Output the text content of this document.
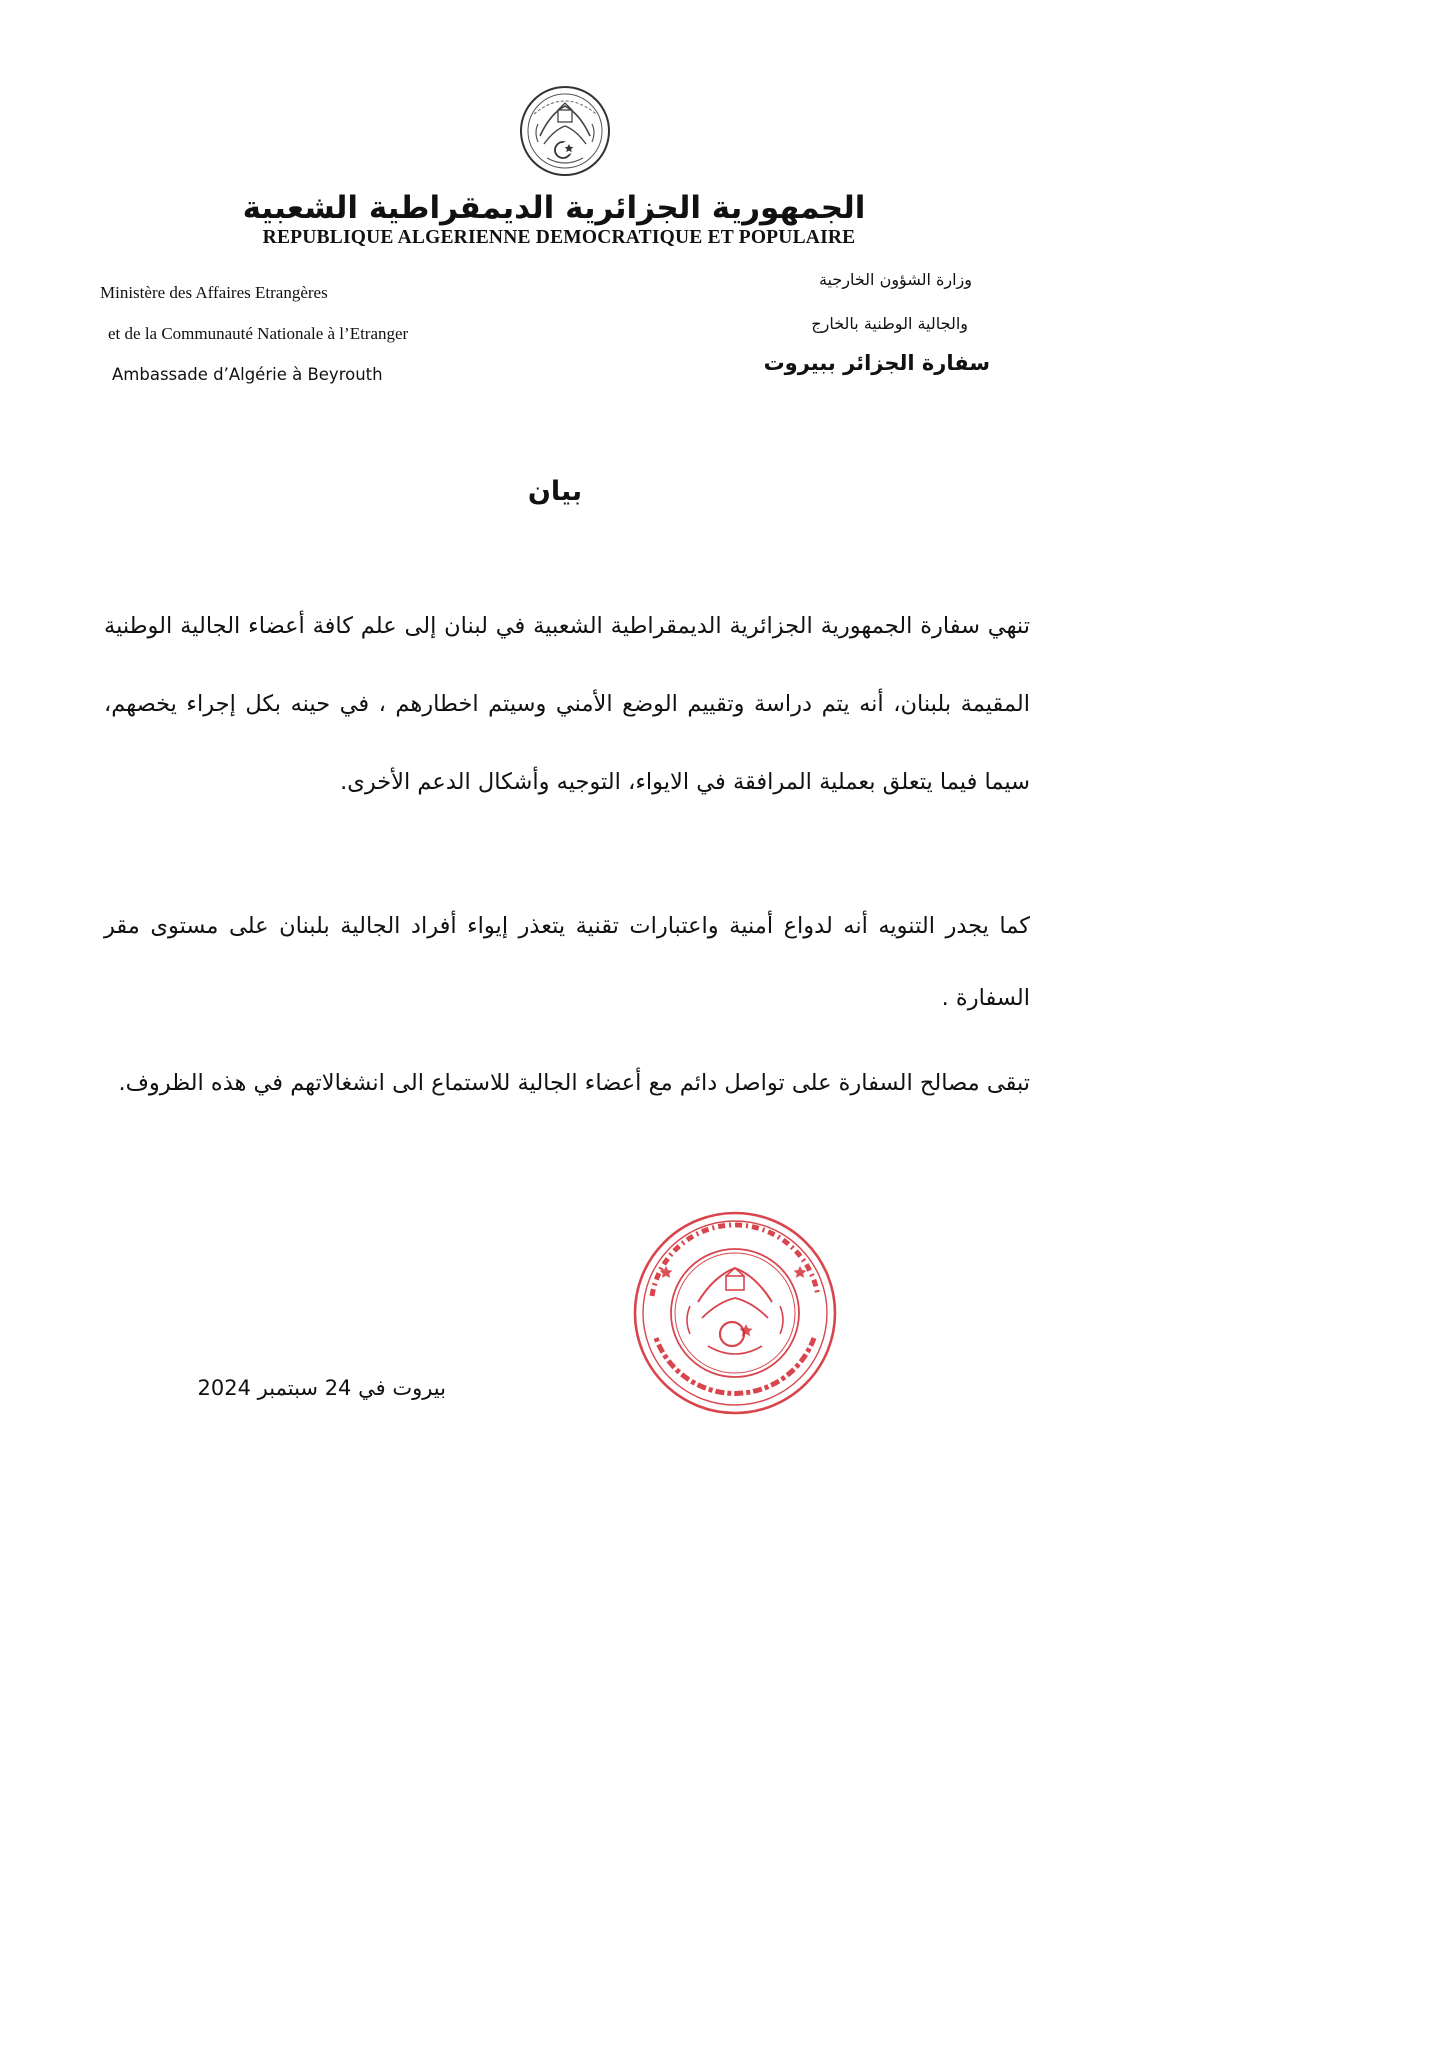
الجمهورية الجزائرية الديمقراطية الشعبية
REPUBLIQUE ALGERIENNE DEMOCRATIQUE ET POPULAIRE
Ministère des Affaires Etrangères
et de la Communauté Nationale à l’Etranger
Ambassade d’Algérie à Beyrouth
وزارة الشؤون الخارجية
والجالية الوطنية بالخارج
سفارة الجزائر ببيروت
بيان

تنهي سفارة الجمهورية الجزائرية الديمقراطية الشعبية في لبنان إلى علم كافة أعضاء الجالية الوطنية المقيمة بلبنان، أنه يتم دراسة وتقييم الوضع الأمني وسيتم اخطارهم ، في حينه بكل إجراء يخصهم، سيما فيما يتعلق بعملية المرافقة في الايواء، التوجيه وأشكال الدعم الأخرى.

كما يجدر التنويه أنه لدواع أمنية واعتبارات تقنية يتعذر إيواء أفراد الجالية بلبنان على مستوى مقر السفارة .

تبقى مصالح السفارة على تواصل دائم مع أعضاء الجالية للاستماع الى انشغالاتهم في هذه الظروف.

بيروت في 24 سبتمبر 2024
